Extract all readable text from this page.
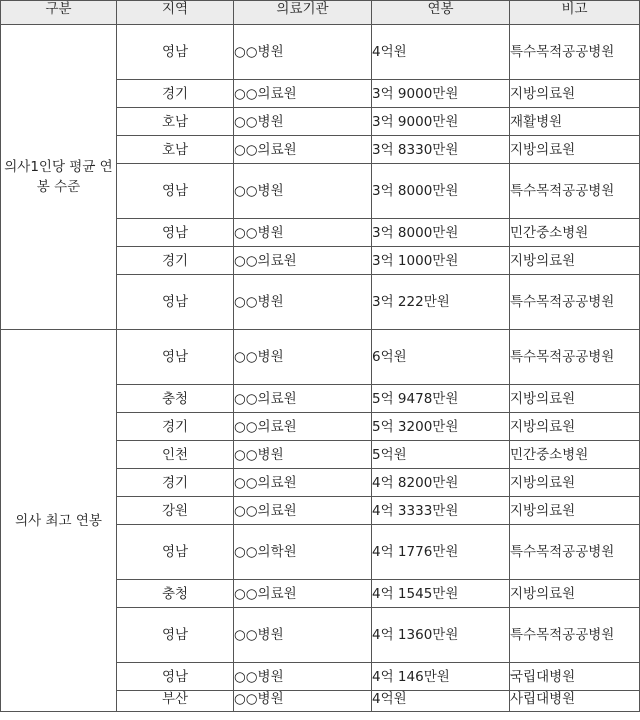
구분	지역	의료기관	연봉	비고
의사1인당 평균 연봉 수준	영남	○○병원	4억원	특수목적공공병원
	경기	○○의료원	3억 9000만원	지방의료원
	호남	○○병원	3억 9000만원	재활병원
	호남	○○의료원	3억 8330만원	지방의료원
	영남	○○병원	3억 8000만원	특수목적공공병원
	영남	○○병원	3억 8000만원	민간중소병원
	경기	○○의료원	3억 1000만원	지방의료원
	영남	○○병원	3억 222만원	특수목적공공병원
의사 최고 연봉	영남	○○병원	6억원	특수목적공공병원
	충청	○○의료원	5억 9478만원	지방의료원
	경기	○○의료원	5억 3200만원	지방의료원
	인천	○○병원	5억원	민간중소병원
	경기	○○의료원	4억 8200만원	지방의료원
	강원	○○의료원	4억 3333만원	지방의료원
	영남	○○의학원	4억 1776만원	특수목적공공병원
	충청	○○의료원	4억 1545만원	지방의료원
	영남	○○병원	4억 1360만원	특수목적공공병원
	영남	○○병원	4억 146만원	국립대병원
	부산	○○병원	4억원	사립대병원
